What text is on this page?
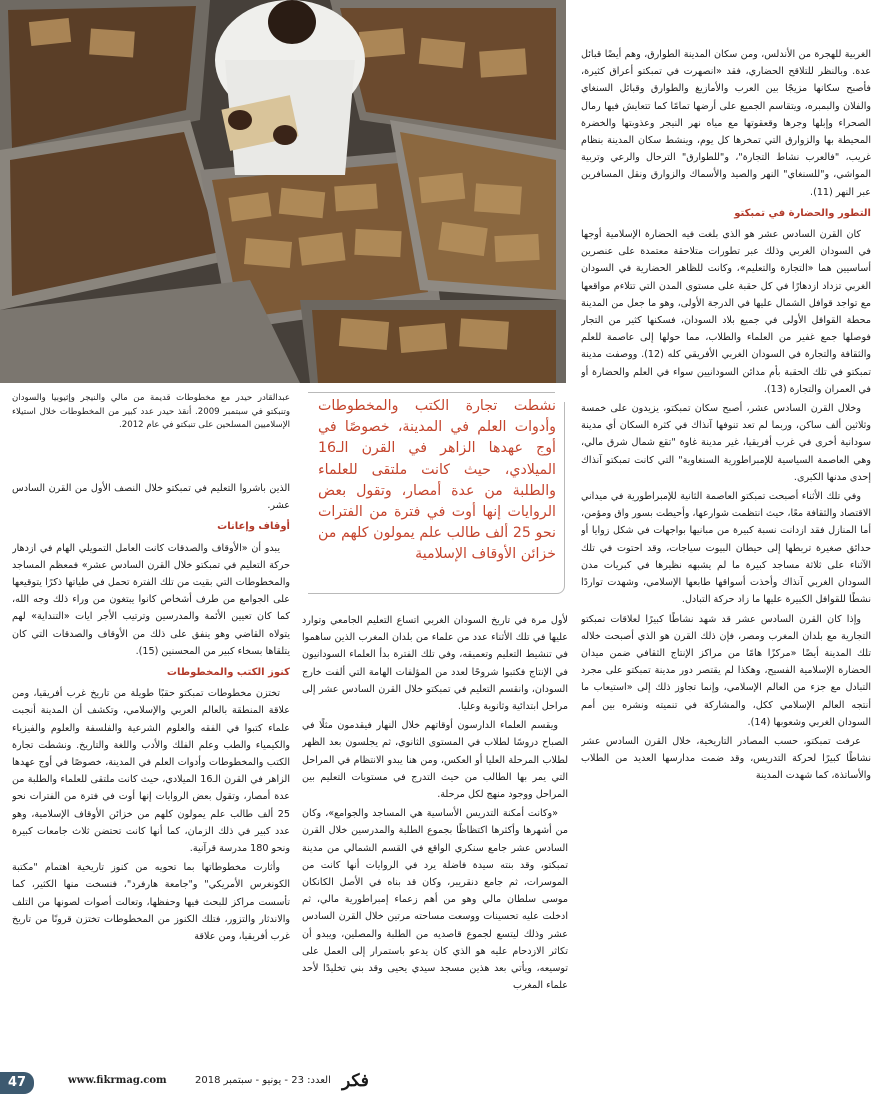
عبدالقادر حيدر مع مخطوطات قديمة من مالي والنيجر وإثيوبيا والسودان وتنبكتو في سبتمبر 2009. أنقذ حيدر عدد كبير من المخطوطات خلال استيلاء الإسلاميين المسلحين على تنبكتو في عام 2012.
نشطت تجارة الكتب والمخطوطات وأدوات العلم في المدينة، خصوصًا في أوج عهدها الزاهر في القرن الـ16 الميلادي، حيث كانت ملتقى للعلماء والطلبة من عدة أمصار، وتقول بعض الروايات إنها أوت في فترة من الفترات نحو 25 ألف طالب علم يمولون كلهم من خزائن الأوقاف الإسلامية

الغربية للهجرة من الأندلس، ومن سكان المدينة الطوارق، وهم أيضًا قبائل عدة. وبالنظر للتلاقح الحضاري، فقد «انصهرت في تمبكتو أعراق كثيرة، فأصبح سكانها مزيجًا بين العرب والأمازيغ والطوارق وقبائل السنغاي والفلان والبمبره، ويتقاسم الجميع على أرضها تمامًا كما تتعايش فيها رمال الصحراء وإبلها وجرها وقعقوتها مع مياه نهر النيجر وعذوبتها والخضرة المحيطة بها والزوارق التي تمخرها كل يوم، وينشط سكان المدينة بنظام غريب، "فالعرب نشاط التجارة"، و"للطوارق" الترحال والرعي وتربية المواشي، و"للسنغاي" النهر والصيد والأسماك والزوارق ونقل المسافرين عبر النهر (11).

التطور والحضارة في تمبكتو

كان القرن السادس عشر هو الذي بلغت فيه الحضارة الإسلامية أوجها في السودان الغربي وذلك عبر تطورات متلاحقة معتمدة على عنصرين أساسيين هما «التجارة والتعليم»، وكانت للظاهر الحضارية في السودان الغربي تزداد ازدهارًا في كل حقبة على مستوى المدن التي تتلاءم مواقعها مع تواجد قوافل الشمال عليها في الدرجة الأولى، وهو ما جعل من المدينة محطة القوافل الأولى في جميع بلاد السودان، فسكنها كثير من التجار فوصلها جمع غفير من العلماء والطلاب، مما حولها إلى عاصمة للعلم والثقافة والتجارة في السودان الغربي الأفريقي كله (12). ووصفت مدينة تمبكتو في تلك الحقبة بأم مدائن السودانيين سواء في العلم والحضارة أو في العمران والتجارة (13).

وخلال القرن السادس عشر، أصبح سكان تمبكتو، يزيدون على خمسة وثلاثين ألف ساكن، وربما لم تعد تنوفها آنذاك في كثرة السكان أي مدينة سودانية أخرى في غرب أفريقيا، غير مدينة غاوة "تقع شمال شرق مالي، وهي العاصمة السياسية للإمبراطورية السنغاوية" التي كانت تمبكتو آنذاك إحدى مدنها الكبرى.

وفي تلك الأثناء أصبحت تمبكتو العاصمة الثانية للإمبراطورية في ميداني الاقتصاد والثقافة معًا، حيث انتظمت شوارعها، وأحيطت بسور واق ومؤمن، أما المنازل فقد ازدانت نسبة كبيرة من مبانيها بواجهات في شكل زوايا أو حدائق صغيرة تربطها إلى حيطان البيوت سياجات، وقد احتوت في تلك الآثناء على ثلاثة مساجد كبيرة ما لم يشبهه نظيرها في كبريات مدن السودان الغربي آنذاك وأخذت أسواقها طابعها الإسلامي، وشهدت تواردًا نشطًا للقوافل الكبيرة عليها ما زاد حركة التبادل.

وإذا كان القرن السادس عشر قد شهد نشاطًا كبيرًا لعلاقات تمبكتو التجارية مع بلدان المغرب ومصر، فإن ذلك القرن هو الذي أصبحت خلاله تلك المدينة أيضًا «مركزًا هامًا من مراكز الإنتاج الثقافي ضمن ميدان الحضارة الإسلامية الفسيح، وهكذا لم يقتصر دور مدينة تمبكتو على مجرد التبادل مع جزء من العالم الإسلامي، وإنما تجاوز ذلك إلى «استيعاب ما أنتجه العالم الإسلامي ككل، والمشاركة في تنميته ونشره بين أمم السودان الغربي وشعوبها (14).

عرفت تمبكتو، حسب المصادر التاريخية، خلال القرن السادس عشر نشاطًا كبيرًا لحركة التدريس، وقد ضمت مدارسها العديد من الطلاب والأساتذة، كما شهدت المدينة

لأول مرة في تاريخ السودان الغربي اتساع التعليم الجامعي وتوارد عليها في تلك الأثناء عدد من علماء من بلدان المغرب الذين ساهموا في تنشيط التعليم وتعميقه، وفي تلك الفترة بدأ العلماء السودانيون في الإنتاج فكتبوا شروحًا لعدد من المؤلفات الهامة التي ألفت خارج السودان، وانقسم التعليم في تمبكتو خلال القرن السادس عشر إلى مراحل ابتدائية وثانوية وعليا.

ويقسم العلماء الدارسون أوقاتهم خلال النهار فيقدمون مثلًا في الصباح دروسًا لطلاب في المستوى الثانوي، ثم يجلسون بعد الظهر لطلاب المرحلة العليا أو العكس، ومن هنا يبدو الانتظام في المراحل التي يمر بها الطالب من حيث التدرج في مستويات التعليم بين المراحل ووجود منهج لكل مرحلة.

«وكانت أمكنة التدريس الأساسية هي المساجد والجوامع»، وكان من أشهرها وأكثرها اكتظاظًا بجموع الطلبة والمدرسين خلال القرن السادس عشر جامع سنكري الواقع في القسم الشمالي من مدينة تمبكتو، وقد بنته سيدة فاضلة يرد في الروايات أنها كانت من الموسرات، ثم جامع دنقريبر، وكان قد بناه في الأصل الكانكان موسى سلطان مالي وهو من أهم زعماء إمبراطورية مالي، ثم ادخلت عليه تحسينات ووسعت مساحته مرتين خلال القرن السادس عشر وذلك ليتسع لجموع قاصديه من الطلبة والمصلين، ويبدو أن تكاثر الازدحام عليه هو الذي كان يدعو باستمرار إلى العمل على توسيعه، ويأتي بعد هذين مسجد سيدي يحيى وقد بني تخليدًا لأحد علماء المغرب

الذين باشروا التعليم في تمبكتو خلال النصف الأول من القرن السادس عشر.

أوقاف وإعانات

يبدو أن «الأوقاف والصدقات كانت العامل التمويلي الهام في ازدهار حركة التعليم في تمبكتو خلال القرن السادس عشر» فمعظم المساجد والمخطوطات التي بقيت من تلك الفترة تحمل في طياتها ذكرًا يتوقيعها على الجوامع من طرف أشخاص كانوا يبتغون من وراء ذلك وجه الله، كما كان تعيين الأئمة والمدرسين وترتيب الأجر ايات «التنداية» لهم يتولاه القاضي وهو ينفق على ذلك من الأوقاف والصدقات التي كان يتلقاها بسخاء كبير من المحسنين (15).

كنوز الكتب والمخطوطات

تختزن مخطوطات تمبكتو حقبًا طويلة من تاريخ غرب أفريقيا، ومن علاقة المنطقة بالعالم العربي والإسلامي، وتكشف أن المدينة أنجبت علماء كتبوا في الفقه والعلوم الشرعية والفلسفة والعلوم والفيزياء والكيمياء والطب وعلم الفلك والأدب واللغة والتاريخ. ونشطت تجارة الكتب والمخطوطات وأدوات العلم في المدينة، خصوصًا في أوج عهدها الزاهر في القرن الـ16 الميلادي، حيث كانت ملتقى للعلماء والطلبة من عدة أمصار، وتقول بعض الروايات إنها أوت في فترة من الفترات نحو 25 ألف طالب علم يمولون كلهم من خزائن الأوقاف الإسلامية، وهو عدد كبير في ذلك الزمان، كما أنها كانت تحتضن ثلاث جامعات كبيرة ونحو 180 مدرسة قرآنية.

وأثارت مخطوطاتها بما تحويه من كنوز تاريخية اهتمام "مكتبة الكونغرس الأمريكي" و"جامعة هارفرد"، فنسخت منها الكثير، كما تأسست مراكز للبحث فيها وحفظها، وتعالت أصوات لصونها من التلف والاندثار والتزور، فتلك الكنوز من المخطوطات تختزن قرونًا من تاريخ غرب أفريقيا، ومن علاقة

47	www.fikrmag.com	العدد: 23 - يونيو - سبتمبر 2018 فكر
